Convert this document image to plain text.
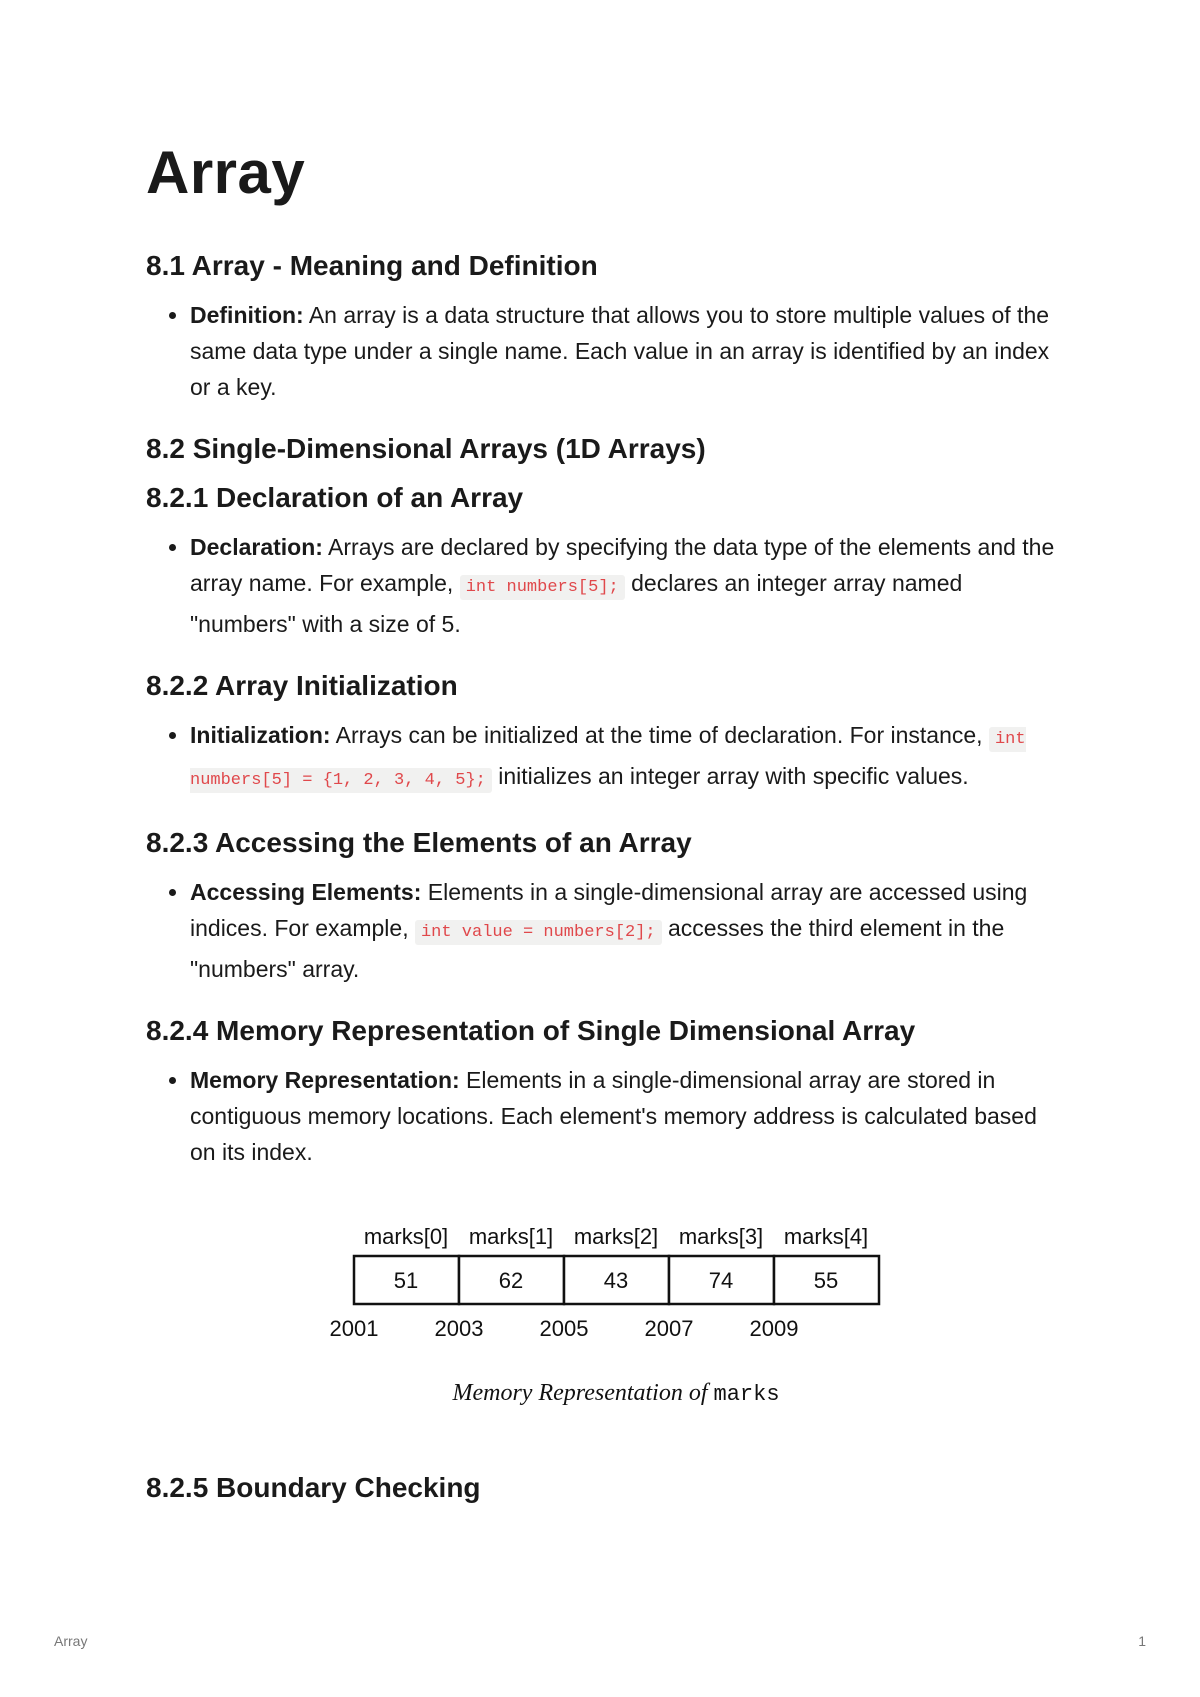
Array
8.1 Array - Meaning and Definition
• Definition: An array is a data structure that allows you to store multiple values of the same data type under a single name. Each value in an array is identified by an index or a key.
8.2 Single-Dimensional Arrays (1D Arrays)
8.2.1 Declaration of an Array
• Declaration: Arrays are declared by specifying the data type of the elements and the array name. For example, int numbers[5]; declares an integer array named "numbers" with a size of 5.
8.2.2 Array Initialization
• Initialization: Arrays can be initialized at the time of declaration. For instance, int numbers[5] = {1, 2, 3, 4, 5}; initializes an integer array with specific values.
8.2.3 Accessing the Elements of an Array
• Accessing Elements: Elements in a single-dimensional array are accessed using indices. For example, int value = numbers[2]; accesses the third element in the "numbers" array.
8.2.4 Memory Representation of Single Dimensional Array
• Memory Representation: Elements in a single-dimensional array are stored in contiguous memory locations. Each element's memory address is calculated based on its index.
marks[0] marks[1] marks[2] marks[3] marks[4]
51	62	43	74	55
2001	2003	2005	2007	2009
Memory Representation of marks
8.2.5 Boundary Checking
Array	1
